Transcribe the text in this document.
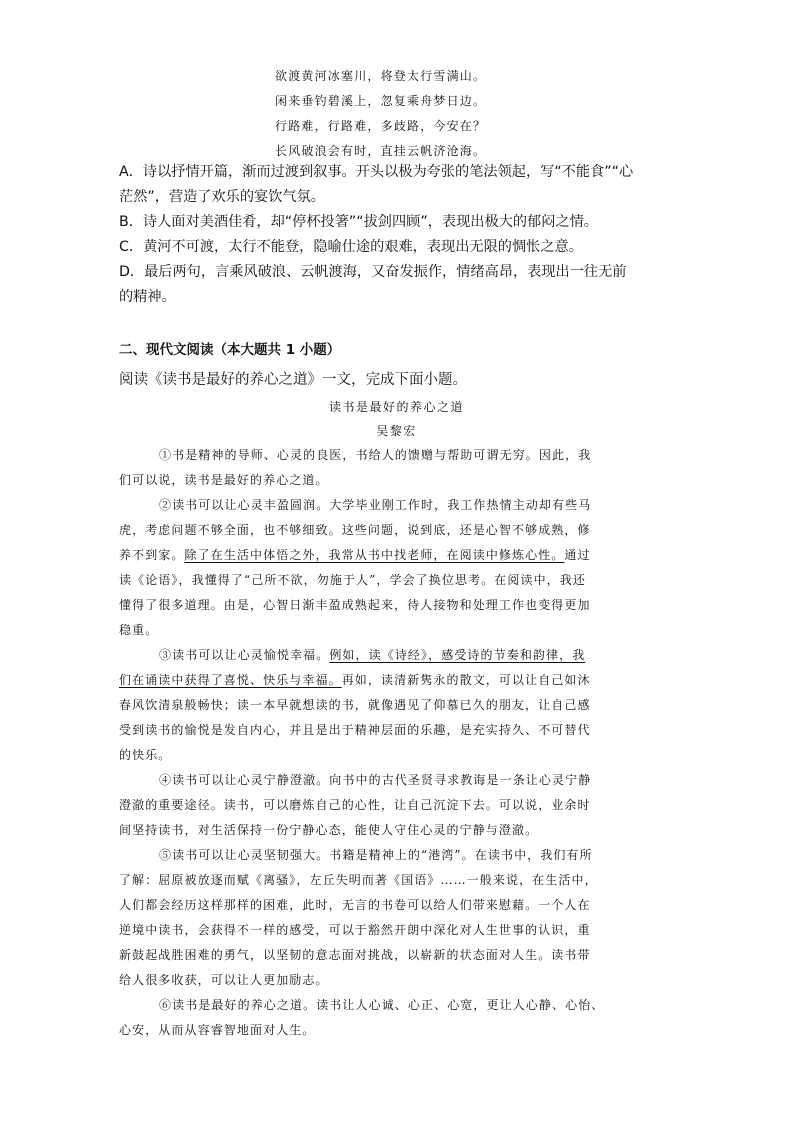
欲渡黄河冰塞川，将登太行雪满山。
闲来垂钓碧溪上，忽复乘舟梦日边。
行路难，行路难，多歧路，今安在？
长风破浪会有时，直挂云帆济沧海。
A．诗以抒情开篇，渐而过渡到叙事。开头以极为夸张的笔法领起，写“不能食”“心
茫然”，营造了欢乐的宴饮气氛。
B．诗人面对美酒佳肴，却“停杯投箸”“拔剑四顾”，表现出极大的郁闷之情。
C．黄河不可渡，太行不能登，隐喻仕途的艰难，表现出无限的惆怅之意。
D．最后两句，言乘风破浪、云帆渡海，又奋发振作，情绪高昂，表现出一往无前
的精神。
二、现代文阅读（本大题共 1 小题）
阅读《读书是最好的养心之道》一文，完成下面小题。
读书是最好的养心之道
吴黎宏
①书是精神的导师、心灵的良医，书给人的馈赠与帮助可谓无穷。因此，我
们可以说，读书是最好的养心之道。
②读书可以让心灵丰盈圆润。大学毕业刚工作时，我工作热情主动却有些马
虎，考虑问题不够全面，也不够细致。这些问题，说到底，还是心智不够成熟，修
养不到家。除了在生活中体悟之外，我常从书中找老师，在阅读中修炼心性。通过
读《论语》，我懂得了“己所不欲，勿施于人”，学会了换位思考。在阅读中，我还
懂得了很多道理。由是，心智日渐丰盈成熟起来，待人接物和处理工作也变得更加
稳重。
③读书可以让心灵愉悦幸福。例如，读《诗经》，感受诗的节奏和韵律，我
们在诵读中获得了喜悦、快乐与幸福。再如，读清新隽永的散文，可以让自己如沐
春风饮清泉般畅快；读一本早就想读的书，就像遇见了仰慕已久的朋友，让自己感
受到读书的愉悦是发自内心，并且是出于精神层面的乐趣，是充实持久、不可替代
的快乐。
④读书可以让心灵宁静澄澈。向书中的古代圣贤寻求教诲是一条让心灵宁静
澄澈的重要途径。读书，可以磨炼自己的心性，让自己沉淀下去。可以说，业余时
间坚持读书，对生活保持一份宁静心态，能使人守住心灵的宁静与澄澈。
⑤读书可以让心灵坚韧强大。书籍是精神上的“港湾”。在读书中，我们有所
了解：屈原被放逐而赋《离骚》，左丘失明而著《国语》……一般来说，在生活中，
人们都会经历这样那样的困难，此时，无言的书卷可以给人们带来慰藉。一个人在
逆境中读书，会获得不一样的感受，可以于豁然开朗中深化对人生世事的认识，重
新鼓起战胜困难的勇气，以坚韧的意志面对挑战，以崭新的状态面对人生。读书带
给人很多收获，可以让人更加励志。
⑥读书是最好的养心之道。读书让人心诚、心正、心宽，更让人心静、心怡、
心安，从而从容睿智地面对人生。
